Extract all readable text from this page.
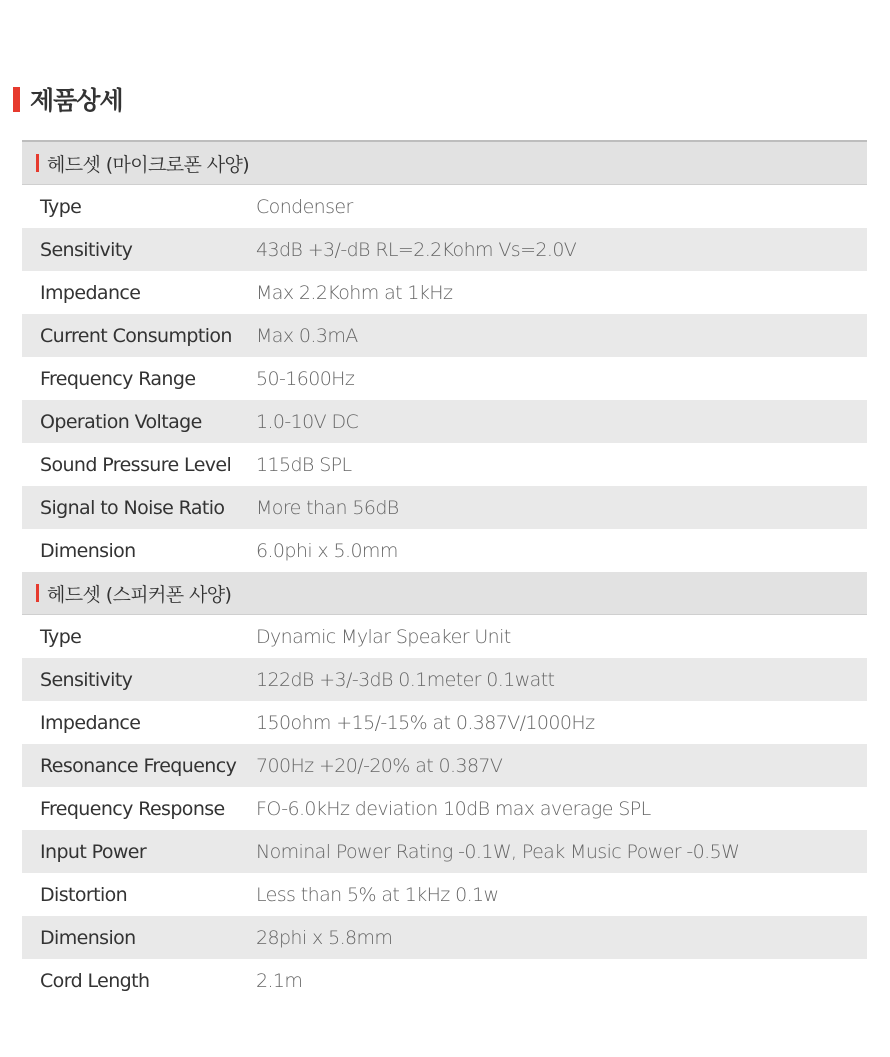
제품상세
헤드셋 (마이크로폰 사양)
Type	Condenser
Sensitivity	43dB +3/-dB RL=2.2Kohm Vs=2.0V
Impedance	Max 2.2Kohm at 1kHz
Current Consumption	Max 0.3mA
Frequency Range	50-1600Hz
Operation Voltage	1.0-10V DC
Sound Pressure Level	115dB SPL
Signal to Noise Ratio	More than 56dB
Dimension	6.0phi x 5.0mm
헤드셋 (스피커폰 사양)
Type	Dynamic Mylar Speaker Unit
Sensitivity	122dB +3/-3dB 0.1meter 0.1watt
Impedance	150ohm +15/-15% at 0.387V/1000Hz
Resonance Frequency	700Hz +20/-20% at 0.387V
Frequency Response	FO-6.0kHz deviation 10dB max average SPL
Input Power	Nominal Power Rating -0.1W, Peak Music Power -0.5W
Distortion	Less than 5% at 1kHz 0.1w
Dimension	28phi x 5.8mm
Cord Length	2.1m
